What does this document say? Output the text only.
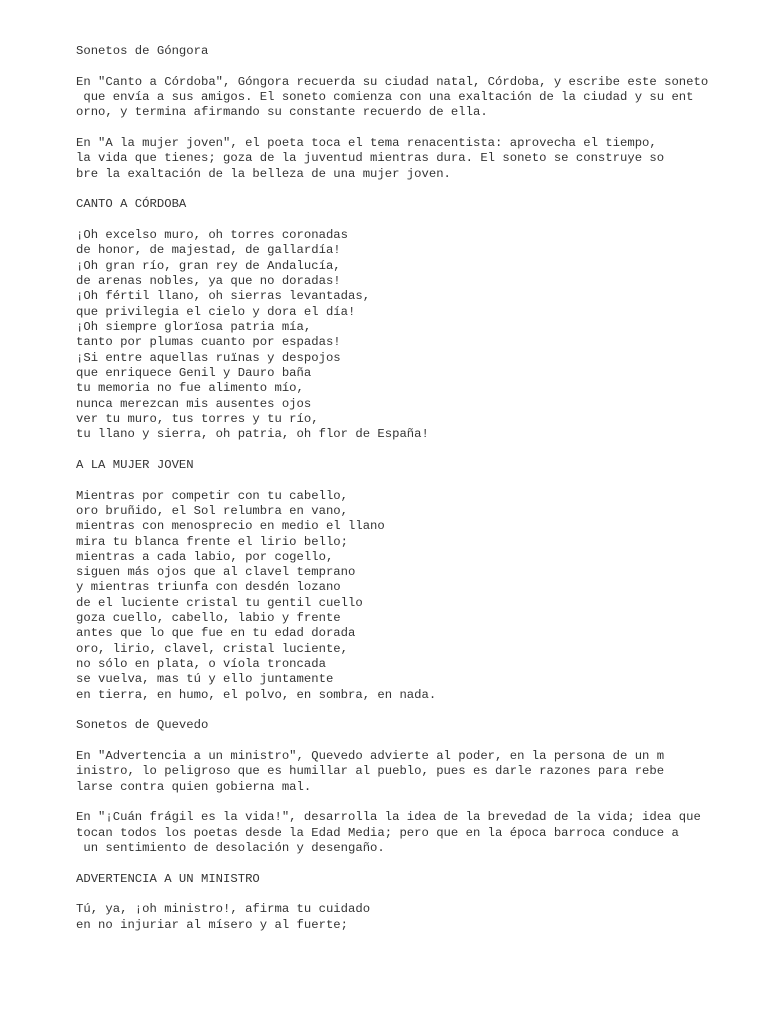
Sonetos de Góngora
En "Canto a Córdoba", Góngora recuerda su ciudad natal, Córdoba, y escribe este soneto
que envía a sus amigos. El soneto comienza con una exaltación de la ciudad y su ent
orno, y termina afirmando su constante recuerdo de ella.
En "A la mujer joven", el poeta toca el tema renacentista: aprovecha el tiempo,
la vida que tienes; goza de la juventud mientras dura. El soneto se construye so
bre la exaltación de la belleza de una mujer joven.
CANTO A CÓRDOBA
¡Oh excelso muro, oh torres coronadas
de honor, de majestad, de gallardía!
¡Oh gran río, gran rey de Andalucía,
de arenas nobles, ya que no doradas!
¡Oh fértil llano, oh sierras levantadas,
que privilegia el cielo y dora el día!
¡Oh siempre glorïosa patria mía,
tanto por plumas cuanto por espadas!
¡Si entre aquellas ruïnas y despojos
que enriquece Genil y Dauro baña
tu memoria no fue alimento mío,
nunca merezcan mis ausentes ojos
ver tu muro, tus torres y tu río,
tu llano y sierra, oh patria, oh flor de España!
A LA MUJER JOVEN
Mientras por competir con tu cabello,
oro bruñido, el Sol relumbra en vano,
mientras con menosprecio en medio el llano
mira tu blanca frente el lirio bello;
mientras a cada labio, por cogello,
siguen más ojos que al clavel temprano
y mientras triunfa con desdén lozano
de el luciente cristal tu gentil cuello
goza cuello, cabello, labio y frente
antes que lo que fue en tu edad dorada
oro, lirio, clavel, cristal luciente,
no sólo en plata, o víola troncada
se vuelva, mas tú y ello juntamente
en tierra, en humo, el polvo, en sombra, en nada.
Sonetos de Quevedo
En "Advertencia a un ministro", Quevedo advierte al poder, en la persona de un m
inistro, lo peligroso que es humillar al pueblo, pues es darle razones para rebe
larse contra quien gobierna mal.
En "¡Cuán frágil es la vida!", desarrolla la idea de la brevedad de la vida; idea que
tocan todos los poetas desde la Edad Media; pero que en la época barroca conduce a
un sentimiento de desolación y desengaño.
ADVERTENCIA A UN MINISTRO
Tú, ya, ¡oh ministro!, afirma tu cuidado
en no injuriar al mísero y al fuerte;
